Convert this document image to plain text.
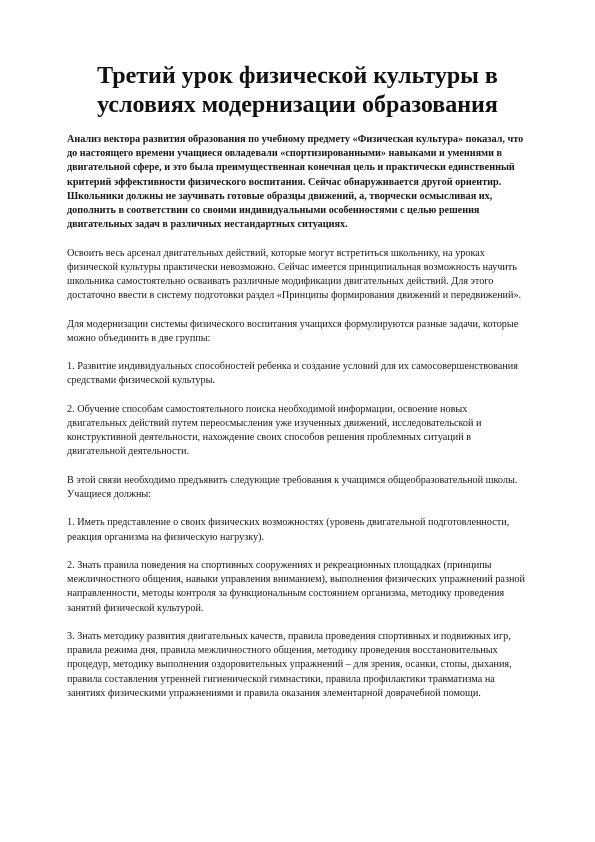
Третий урок физической культуры в условиях модернизации образования

Анализ вектора развития образования по учебному предмету «Физическая культура» показал, что до настоящего времени учащиеся овладевали «спортизированными» навыками и умениями в двигательной сфере, и это была преимущественная конечная цель и практически единственный критерий эффективности физического воспитания. Сейчас обнаруживается другой ориентир. Школьники должны не заучивать готовые образцы движений, а, творчески осмысливая их, дополнить в соответствии со своими индивидуальными особенностями с целью решения двигательных задач в различных нестандартных ситуациях.

Освоить весь арсенал двигательных действий, которые могут встретиться школьнику, на уроках физической культуры практически невозможно. Сейчас имеется принципиальная возможность научить школьника самостоятельно осваивать различные модификации двигательных действий. Для этого достаточно ввести в систему подготовки раздел «Принципы формирования движений и передвижений».

Для модернизации системы физического воспитания учащихся формулируются разные задачи, которые можно объединить в две группы:

1. Развитие индивидуальных способностей ребенка и создание условий для их самосовершенствования средствами физической культуры.

2. Обучение способам самостоятельного поиска необходимой информации, освоение новых двигательных действий путем переосмысления уже изученных движений, исследовательской и конструктивной деятельности, нахождение своих способов решения проблемных ситуаций в двигательной деятельности.

В этой связи необходимо предъявить следующие требования к учащимся общеобразовательной школы. Учащиеся должны:

1. Иметь представление о своих физических возможностях (уровень двигательной подготовленности, реакция организма на физическую нагрузку).

2. Знать правила поведения на спортивных сооружениях и рекреационных площадках (принципы межличностного общения, навыки управления вниманием), выполнения физических упражнений разной направленности, методы контроля за функциональным состоянием организма, методику проведения занятий физической культурой.

3. Знать методику развития двигательных качеств, правила проведения спортивных и подвижных игр, правила режима дня, правила межличностного общения, методику проведения восстановительных процедур, методику выполнения оздоровительных упражнений – для зрения, осанки, стопы, дыхания, правила составления утренней гигиенической гимнастики, правила профилактики травматизма на занятиях физическими упражнениями и правила оказания элементарной доврачебной помощи.
